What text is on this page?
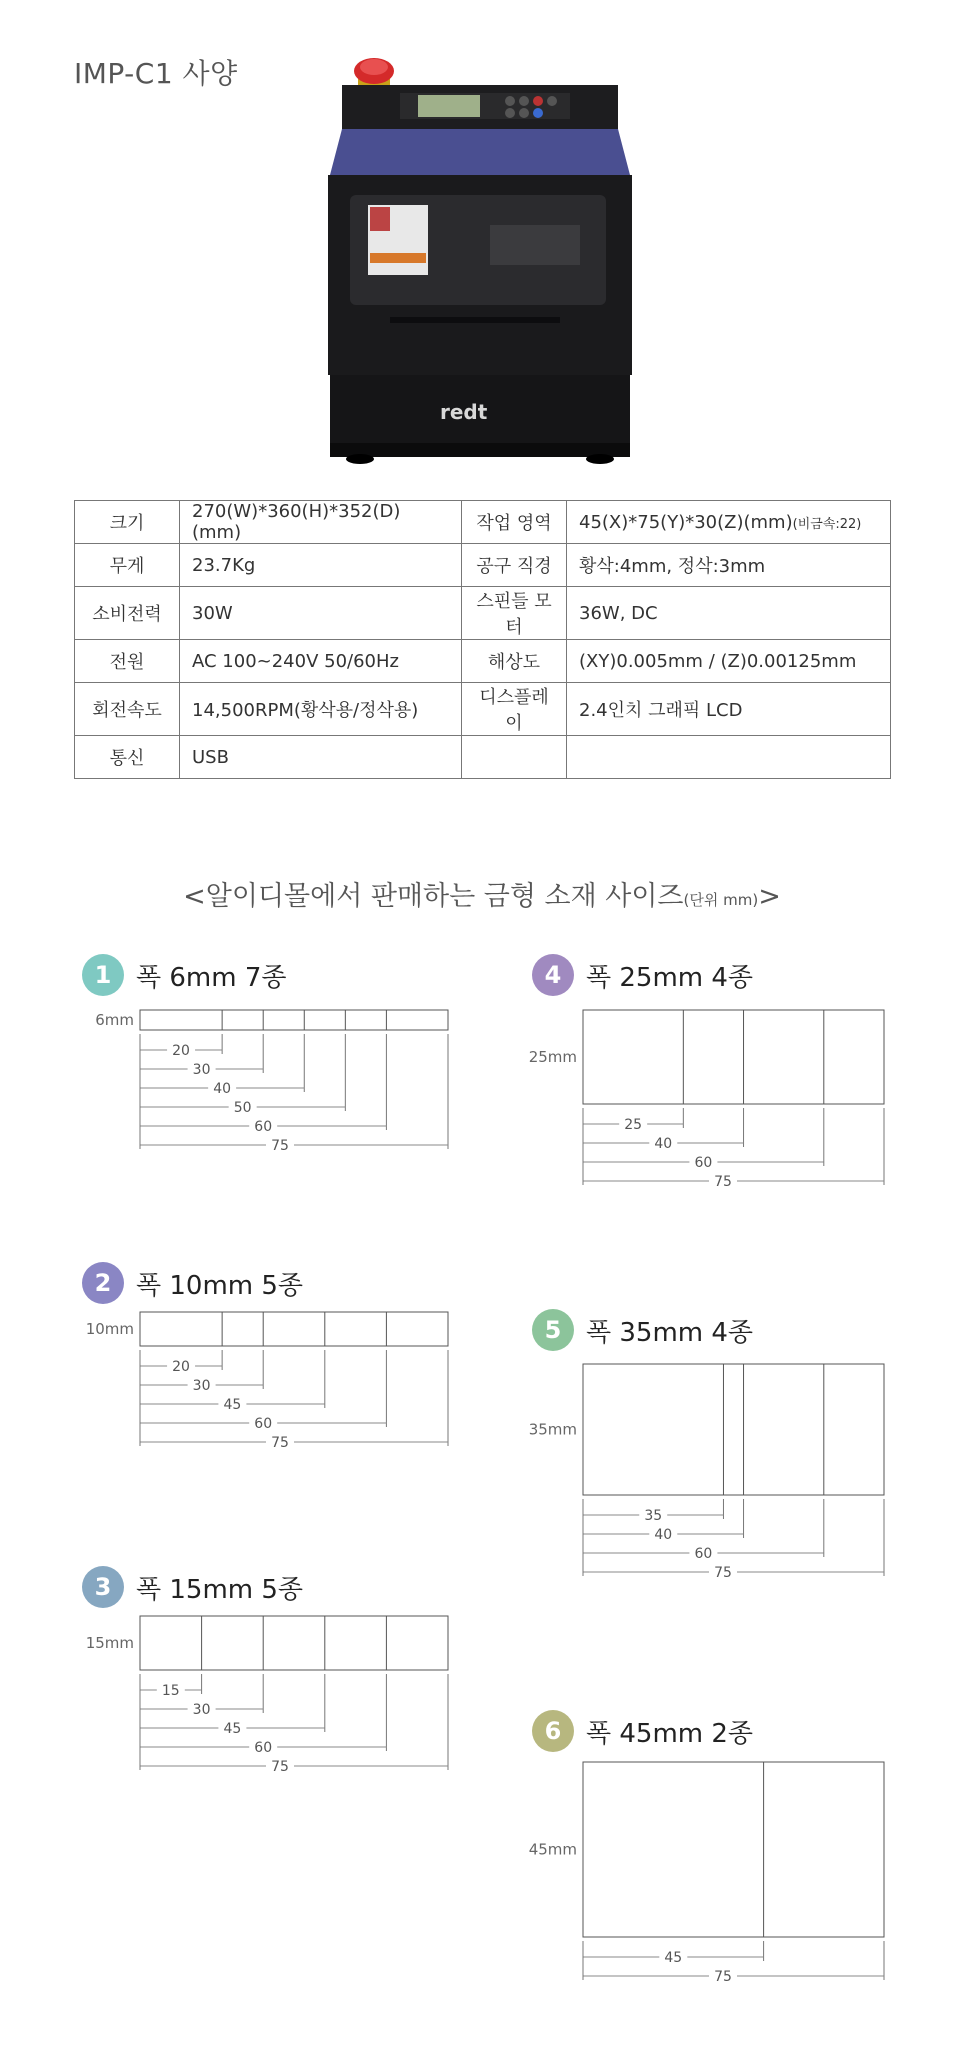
IMP-C1 사양
redt
크기	270(W)*360(H)*352(D)(mm)	작업 영역	45(X)*75(Y)*30(Z)(mm)(비금속:22)
무게	23.7Kg	공구 직경	황삭:4mm, 정삭:3mm
소비전력	30W	스핀들 모터	36W, DC
전원	AC 100~240V 50/60Hz	해상도	(XY)0.005mm / (Z)0.00125mm
회전속도	14,500RPM(황삭용/정삭용)	디스플레이	2.4인치 그래픽 LCD
통신	USB		
<알이디몰에서 판매하는 금형 소재 사이즈(단위 mm)>
1 폭 6mm 7종
2 폭 10mm 5종
3 폭 15mm 5종
4 폭 25mm 4종
5 폭 35mm 4종
6 폭 45mm 2종
6mm
20
30
40
50
60
75
10mm
20
30
45
60
75
15mm
15
30
45
60
75
25mm
25
40
60
75
35mm
35
40
60
75
45mm
45
75
